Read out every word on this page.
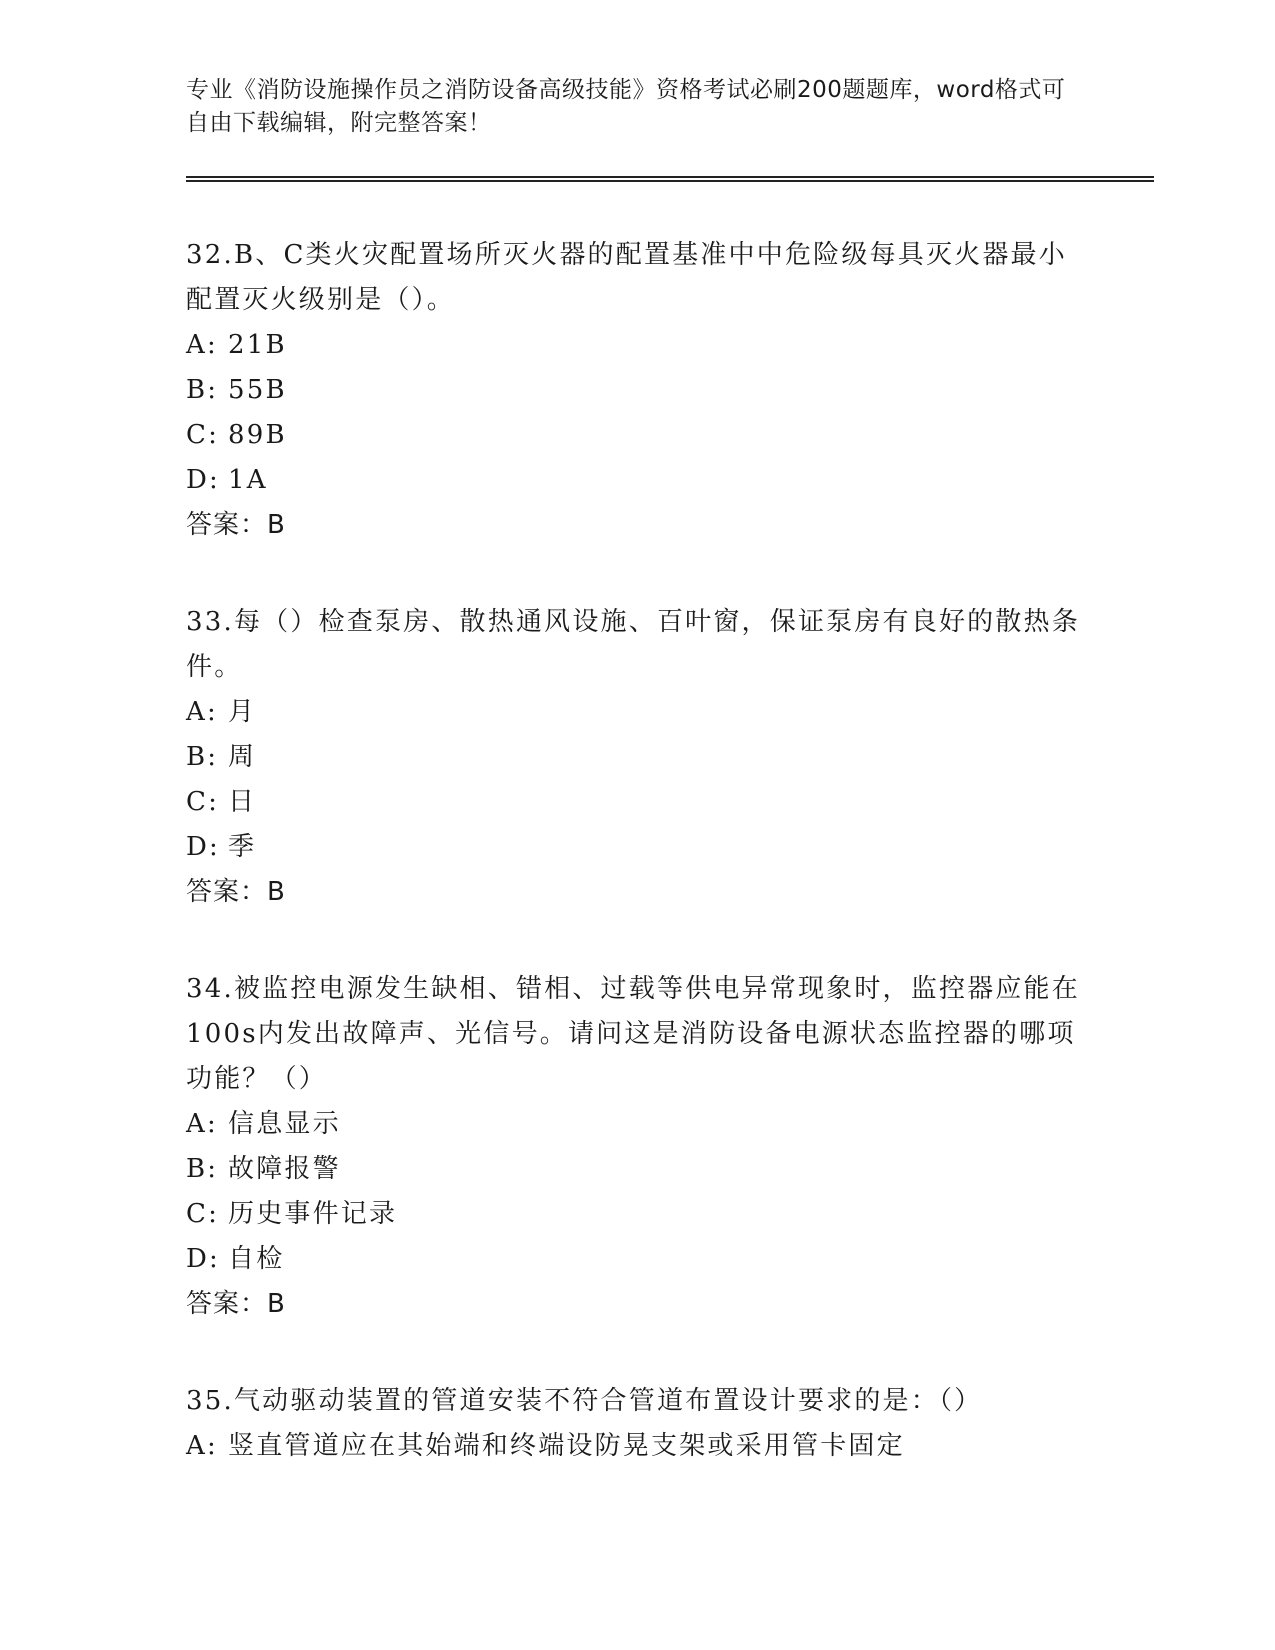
专业《消防设施操作员之消防设备高级技能》资格考试必刷200题题库，word格式可自由下载编辑，附完整答案！

32.B、C类火灾配置场所灭火器的配置基准中中危险级每具灭火器最小配置灭火级别是（）。

A: 21B
B: 55B
C: 89B
D: 1A
答案：B

33.每（）检查泵房、散热通风设施、百叶窗，保证泵房有良好的散热条件。

A: 月
B: 周
C: 日
D: 季
答案：B

34.被监控电源发生缺相、错相、过载等供电异常现象时，监控器应能在100s内发出故障声、光信号。请问这是消防设备电源状态监控器的哪项功能？（）

A: 信息显示
B: 故障报警
C: 历史事件记录
D: 自检
答案：B

35.气动驱动装置的管道安装不符合管道布置设计要求的是：（）

A: 竖直管道应在其始端和终端设防晃支架或采用管卡固定
